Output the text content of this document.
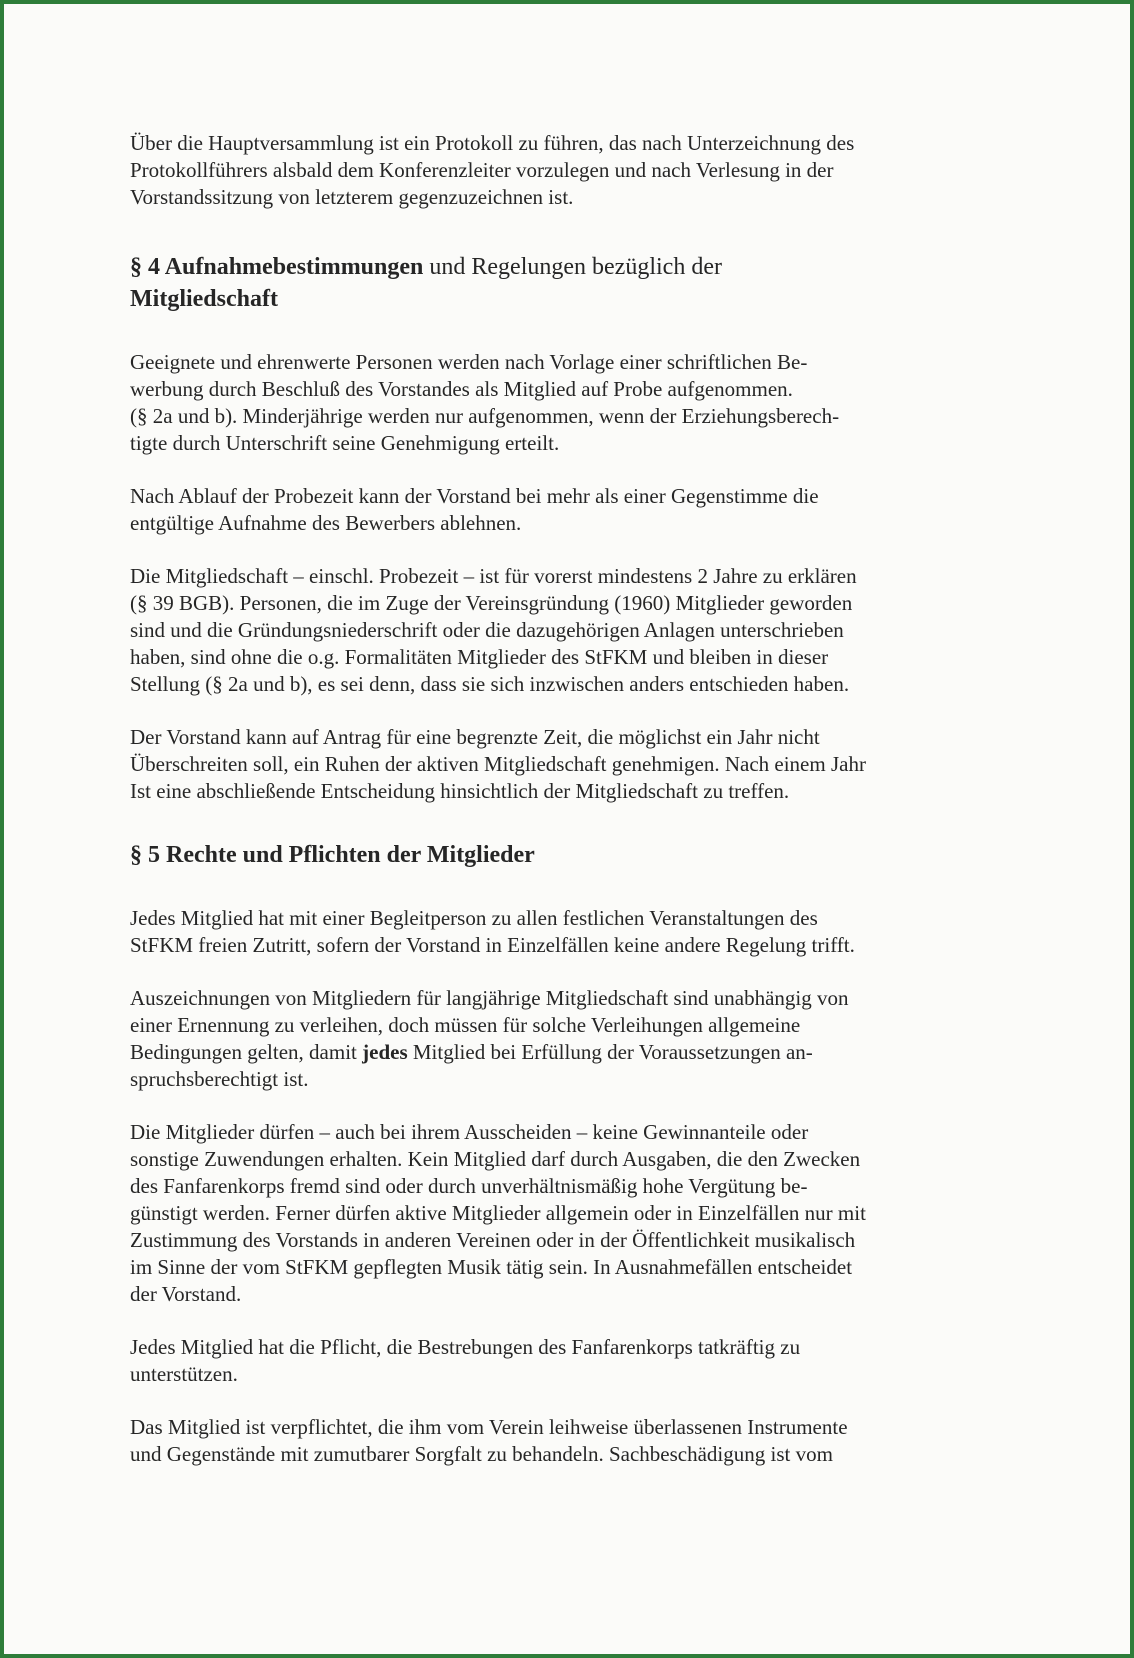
Über die Hauptversammlung ist ein Protokoll zu führen, das nach Unterzeichnung des
Protokollführers alsbald dem Konferenzleiter vorzulegen und nach Verlesung in der
Vorstandssitzung von letzterem gegenzuzeichnen ist.

§ 4 Aufnahmebestimmungen und Regelungen bezüglich der
Mitgliedschaft

Geeignete und ehrenwerte Personen werden nach Vorlage einer schriftlichen Be-
werbung durch Beschluß des Vorstandes als Mitglied auf Probe aufgenommen.
(§ 2a und b). Minderjährige werden nur aufgenommen, wenn der Erziehungsberech-
tigte durch Unterschrift seine Genehmigung erteilt.

Nach Ablauf der Probezeit kann der Vorstand bei mehr als einer Gegenstimme die
entgültige Aufnahme des Bewerbers ablehnen.

Die Mitgliedschaft – einschl. Probezeit – ist für vorerst mindestens 2 Jahre zu erklären
(§ 39 BGB). Personen, die im Zuge der Vereinsgründung (1960) Mitglieder geworden
sind und die Gründungsniederschrift oder die dazugehörigen Anlagen unterschrieben
haben, sind ohne die o.g. Formalitäten Mitglieder des StFKM und bleiben in dieser
Stellung (§ 2a und b), es sei denn, dass sie sich inzwischen anders entschieden haben.

Der Vorstand kann auf Antrag für eine begrenzte Zeit, die möglichst ein Jahr nicht
Überschreiten soll, ein Ruhen der aktiven Mitgliedschaft genehmigen. Nach einem Jahr
Ist eine abschließende Entscheidung hinsichtlich der Mitgliedschaft zu treffen.

§ 5 Rechte und Pflichten der Mitglieder

Jedes Mitglied hat mit einer Begleitperson zu allen festlichen Veranstaltungen des
StFKM freien Zutritt, sofern der Vorstand in Einzelfällen keine andere Regelung trifft.

Auszeichnungen von Mitgliedern für langjährige Mitgliedschaft sind unabhängig von
einer Ernennung zu verleihen, doch müssen für solche Verleihungen allgemeine
Bedingungen gelten, damit jedes Mitglied bei Erfüllung der Voraussetzungen an-
spruchsberechtigt ist.

Die Mitglieder dürfen – auch bei ihrem Ausscheiden – keine Gewinnanteile oder
sonstige Zuwendungen erhalten. Kein Mitglied darf durch Ausgaben, die den Zwecken
des Fanfarenkorps fremd sind oder durch unverhältnismäßig hohe Vergütung be-
günstigt werden. Ferner dürfen aktive Mitglieder allgemein oder in Einzelfällen nur mit
Zustimmung des Vorstands in anderen Vereinen oder in der Öffentlichkeit musikalisch
im Sinne der vom StFKM gepflegten Musik tätig sein. In Ausnahmefällen entscheidet
der Vorstand.

Jedes Mitglied hat die Pflicht, die Bestrebungen des Fanfarenkorps tatkräftig zu
unterstützen.

Das Mitglied ist verpflichtet, die ihm vom Verein leihweise überlassenen Instrumente
und Gegenstände mit zumutbarer Sorgfalt zu behandeln. Sachbeschädigung ist vom
